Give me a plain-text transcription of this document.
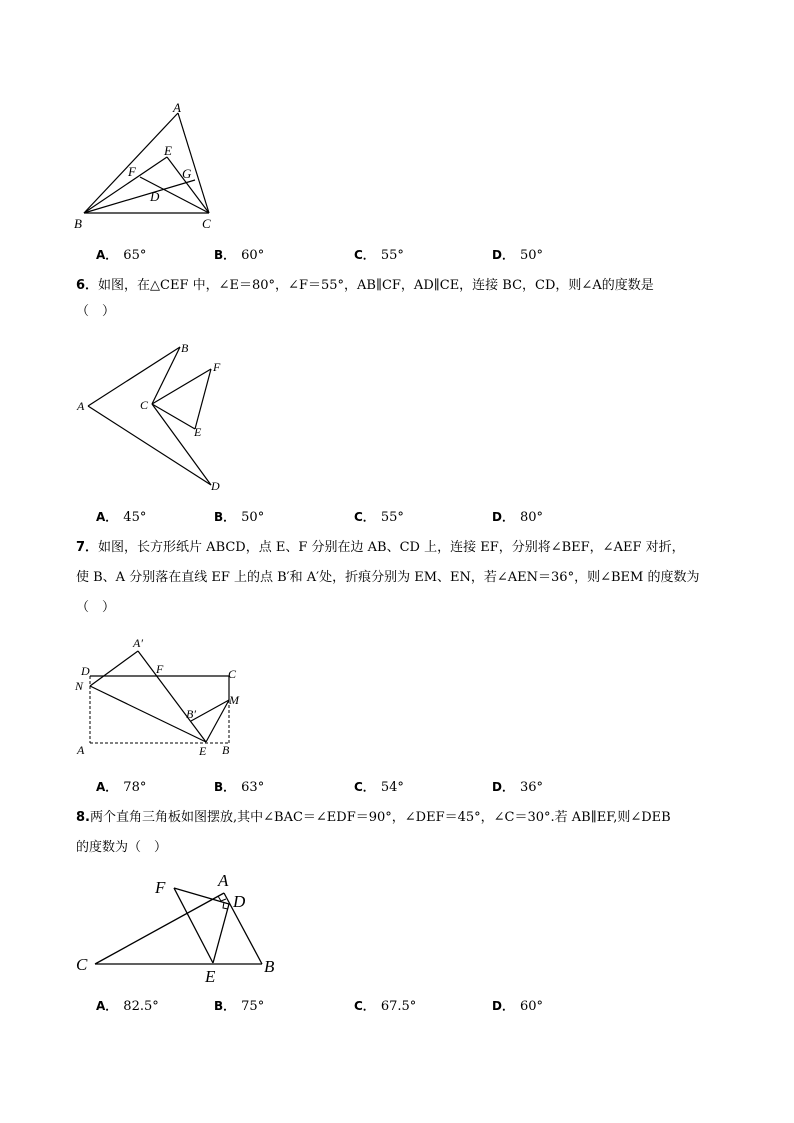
A
E
F	G
D
B	C
A． 65°	B． 60°	C． 55°	D． 50°
6．如图，在△CEF 中，∠E＝80°，∠F＝55°，AB∥CF，AD∥CE，连接 BC，CD，则∠A的度数是
（　）
A
B
C
D
E
F
A． 45°	B． 50°	C． 55°	D． 80°
7．如图，长方形纸片 ABCD，点 E、F 分别在边 AB、CD 上，连接 EF，分别将∠BEF，∠AEF 对折，
使 B、A 分别落在直线 EF 上的点 B′和 A′处，折痕分别为 EM、EN，若∠AEN＝36°，则∠BEM 的度数为
（　）
A′
D	F	C
N
M
B′
A	E B
A． 78°	B． 63°	C． 54°	D． 36°
8.两个直角三角板如图摆放,其中∠BAC＝∠EDF＝90°，∠DEF＝45°，∠C＝30°.若 AB∥EF,则∠DEB
的度数为（　）
F	A
D
C
E
B
A． 82.5°	B． 75°	C． 67.5°	D． 60°
